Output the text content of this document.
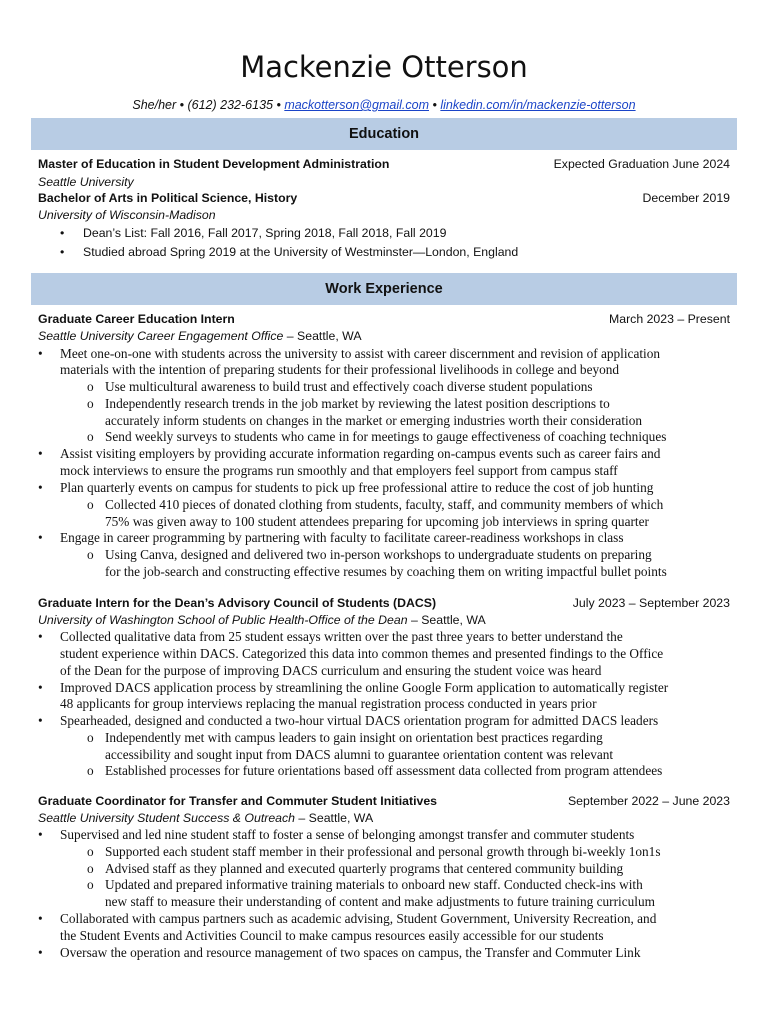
Mackenzie Otterson
She/her • (612) 232-6135 • mackotterson@gmail.com • linkedin.com/in/mackenzie-otterson
Education
Master of Education in Student Development Administration	Expected Graduation June 2024
Seattle University
Bachelor of Arts in Political Science, History	December 2019
University of Wisconsin-Madison
• Dean’s List: Fall 2016, Fall 2017, Spring 2018, Fall 2018, Fall 2019
• Studied abroad Spring 2019 at the University of Westminster—London, England
Work Experience
Graduate Career Education Intern	March 2023 – Present
Seattle University Career Engagement Office – Seattle, WA
• Meet one-on-one with students across the university to assist with career discernment and revision of application
materials with the intention of preparing students for their professional livelihoods in college and beyond
o Use multicultural awareness to build trust and effectively coach diverse student populations
o Independently research trends in the job market by reviewing the latest position descriptions to
accurately inform students on changes in the market or emerging industries worth their consideration
o Send weekly surveys to students who came in for meetings to gauge effectiveness of coaching techniques
• Assist visiting employers by providing accurate information regarding on-campus events such as career fairs and
mock interviews to ensure the programs run smoothly and that employers feel support from campus staff
• Plan quarterly events on campus for students to pick up free professional attire to reduce the cost of job hunting
o Collected 410 pieces of donated clothing from students, faculty, staff, and community members of which
75% was given away to 100 student attendees preparing for upcoming job interviews in spring quarter
• Engage in career programming by partnering with faculty to facilitate career-readiness workshops in class
o Using Canva, designed and delivered two in-person workshops to undergraduate students on preparing
for the job-search and constructing effective resumes by coaching them on writing impactful bullet points
Graduate Intern for the Dean’s Advisory Council of Students (DACS)	July 2023 – September 2023
University of Washington School of Public Health-Office of the Dean – Seattle, WA
• Collected qualitative data from 25 student essays written over the past three years to better understand the
student experience within DACS. Categorized this data into common themes and presented findings to the Office
of the Dean for the purpose of improving DACS curriculum and ensuring the student voice was heard
• Improved DACS application process by streamlining the online Google Form application to automatically register
48 applicants for group interviews replacing the manual registration process conducted in years prior
• Spearheaded, designed and conducted a two-hour virtual DACS orientation program for admitted DACS leaders
o Independently met with campus leaders to gain insight on orientation best practices regarding
accessibility and sought input from DACS alumni to guarantee orientation content was relevant
o Established processes for future orientations based off assessment data collected from program attendees
Graduate Coordinator for Transfer and Commuter Student Initiatives	September 2022 – June 2023
Seattle University Student Success & Outreach – Seattle, WA
• Supervised and led nine student staff to foster a sense of belonging amongst transfer and commuter students
o Supported each student staff member in their professional and personal growth through bi-weekly 1on1s
o Advised staff as they planned and executed quarterly programs that centered community building
o Updated and prepared informative training materials to onboard new staff. Conducted check-ins with
new staff to measure their understanding of content and make adjustments to future training curriculum
• Collaborated with campus partners such as academic advising, Student Government, University Recreation, and
the Student Events and Activities Council to make campus resources easily accessible for our students
• Oversaw the operation and resource management of two spaces on campus, the Transfer and Commuter Link
